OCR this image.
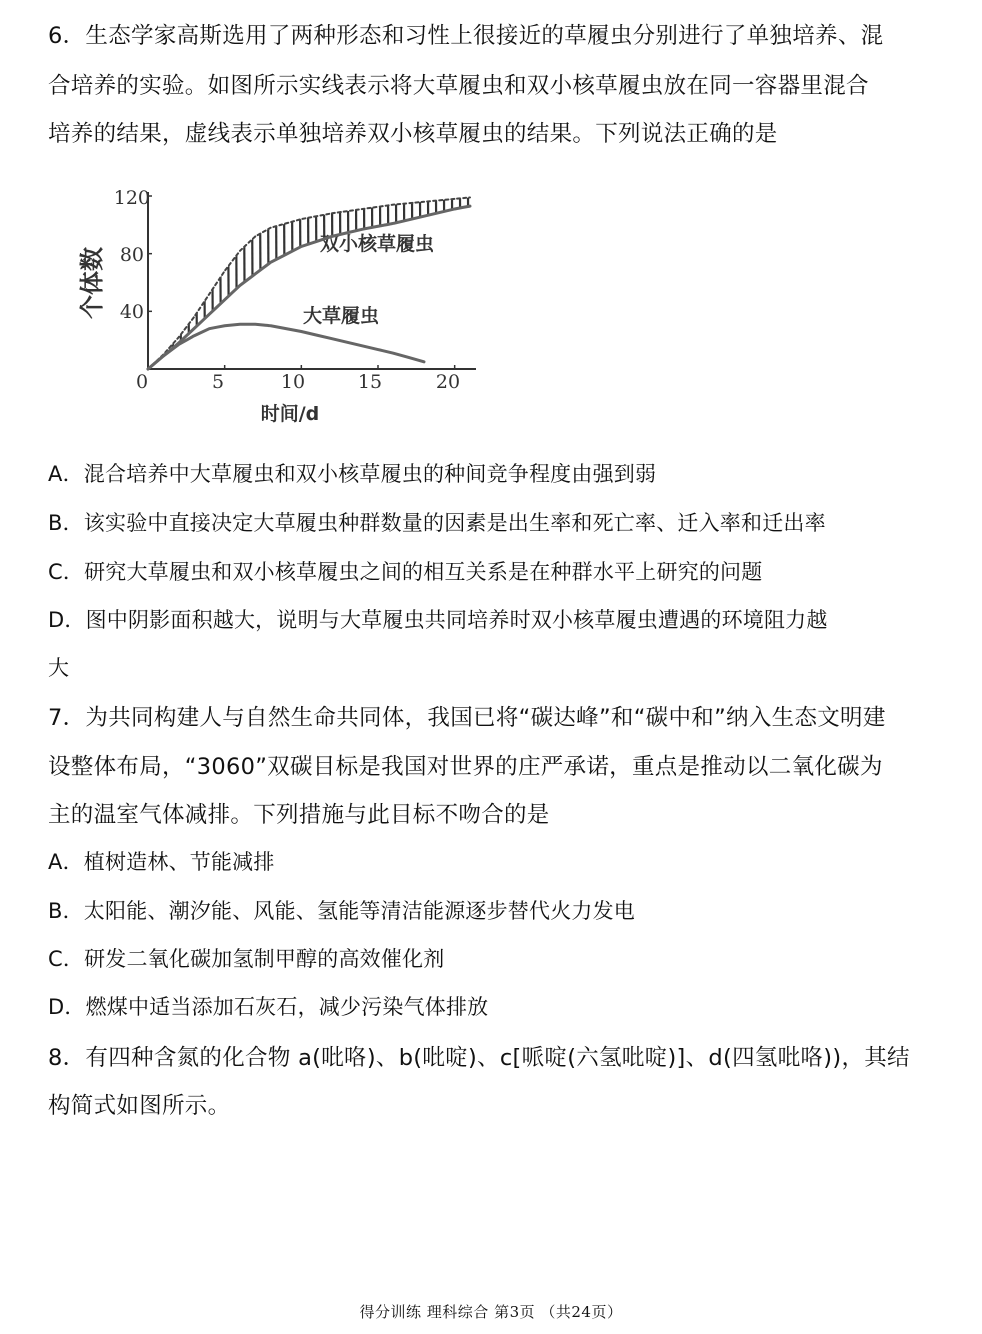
6．生态学家高斯选用了两种形态和习性上很接近的草履虫分别进行了单独培养、混
合培养的实验。如图所示实线表示将大草履虫和双小核草履虫放在同一容器里混合
培养的结果，虚线表示单独培养双小核草履虫的结果。下列说法正确的是
0	5	10	15	20
40
80
120
时间/d
个体数
双小核草履虫
大草履虫
A．混合培养中大草履虫和双小核草履虫的种间竞争程度由强到弱
B．该实验中直接决定大草履虫种群数量的因素是出生率和死亡率、迁入率和迁出率
C．研究大草履虫和双小核草履虫之间的相互关系是在种群水平上研究的问题
D．图中阴影面积越大，说明与大草履虫共同培养时双小核草履虫遭遇的环境阻力越
大
7．为共同构建人与自然生命共同体，我国已将“碳达峰”和“碳中和”纳入生态文明建
设整体布局，“3060”双碳目标是我国对世界的庄严承诺，重点是推动以二氧化碳为
主的温室气体减排。下列措施与此目标不吻合的是
A．植树造林、节能减排
B．太阳能、潮汐能、风能、氢能等清洁能源逐步替代火力发电
C．研发二氧化碳加氢制甲醇的高效催化剂
D．燃煤中适当添加石灰石，减少污染气体排放
8．有四种含氮的化合物 a(吡咯)、b(吡啶)、c[哌啶(六氢吡啶)]、d(四氢吡咯))，其结
构简式如图所示。
得分训练 理科综合 第3页 （共24页）
